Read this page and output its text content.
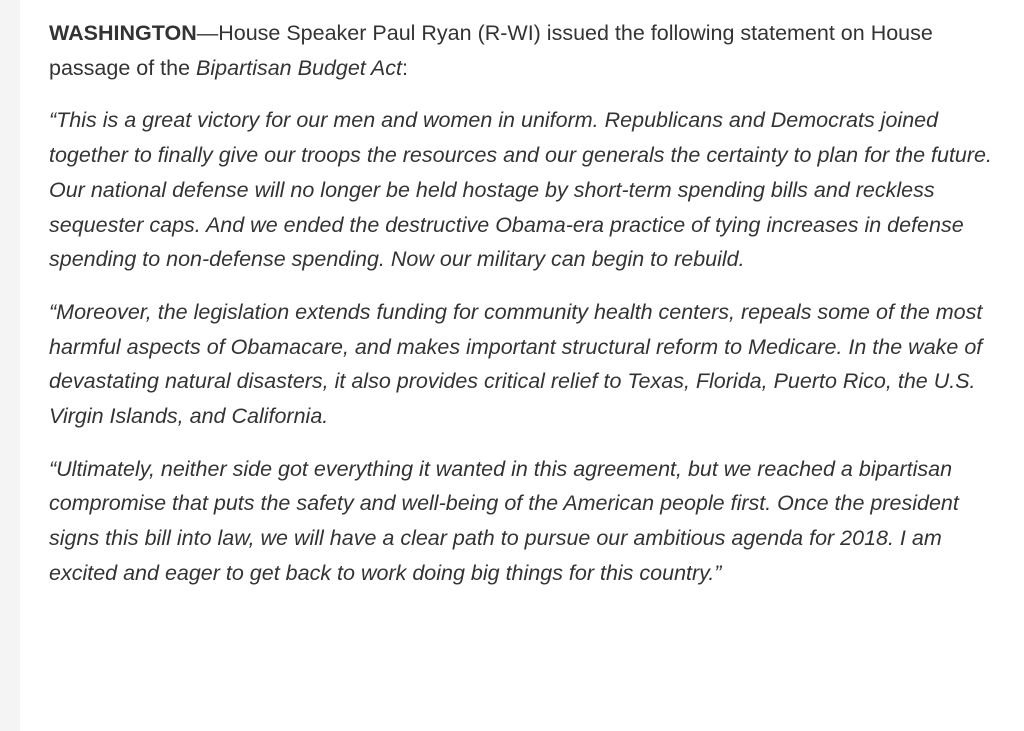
WASHINGTON—House Speaker Paul Ryan (R-WI) issued the following statement on House passage of the Bipartisan Budget Act:

“This is a great victory for our men and women in uniform. Republicans and Democrats joined together to finally give our troops the resources and our generals the certainty to plan for the future. Our national defense will no longer be held hostage by short-term spending bills and reckless sequester caps. And we ended the destructive Obama-era practice of tying increases in defense spending to non-defense spending. Now our military can begin to rebuild.

“Moreover, the legislation extends funding for community health centers, repeals some of the most harmful aspects of Obamacare, and makes important structural reform to Medicare. In the wake of devastating natural disasters, it also provides critical relief to Texas, Florida, Puerto Rico, the U.S. Virgin Islands, and California.

“Ultimately, neither side got everything it wanted in this agreement, but we reached a bipartisan compromise that puts the safety and well-being of the American people first. Once the president signs this bill into law, we will have a clear path to pursue our ambitious agenda for 2018. I am excited and eager to get back to work doing big things for this country.”
